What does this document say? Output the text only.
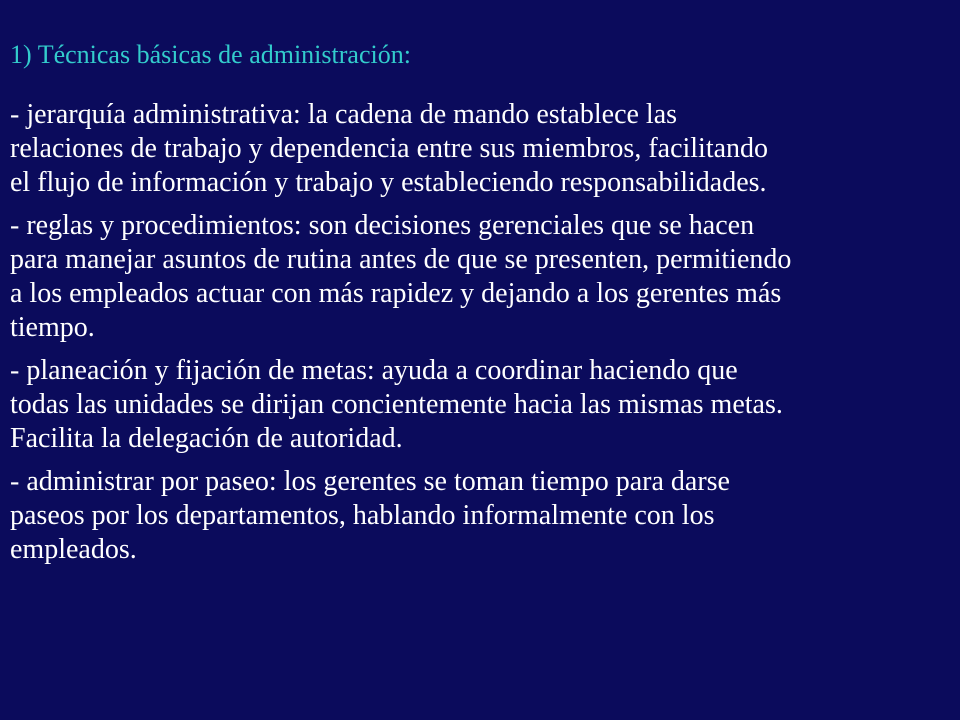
1) Técnicas básicas de administración:
- jerarquía administrativa: la cadena de mando establece las
relaciones de trabajo y dependencia entre sus miembros, facilitando
el flujo de información y trabajo y estableciendo responsabilidades.
- reglas y procedimientos: son decisiones gerenciales que se hacen
para manejar asuntos de rutina antes de que se presenten, permitiendo
a los empleados actuar con más rapidez y dejando a los gerentes más
tiempo.
- planeación y fijación de metas: ayuda a coordinar haciendo que
todas las unidades se dirijan concientemente hacia las mismas metas.
Facilita la delegación de autoridad.
- administrar por paseo: los gerentes se toman tiempo para darse
paseos por los departamentos, hablando informalmente con los
empleados.
